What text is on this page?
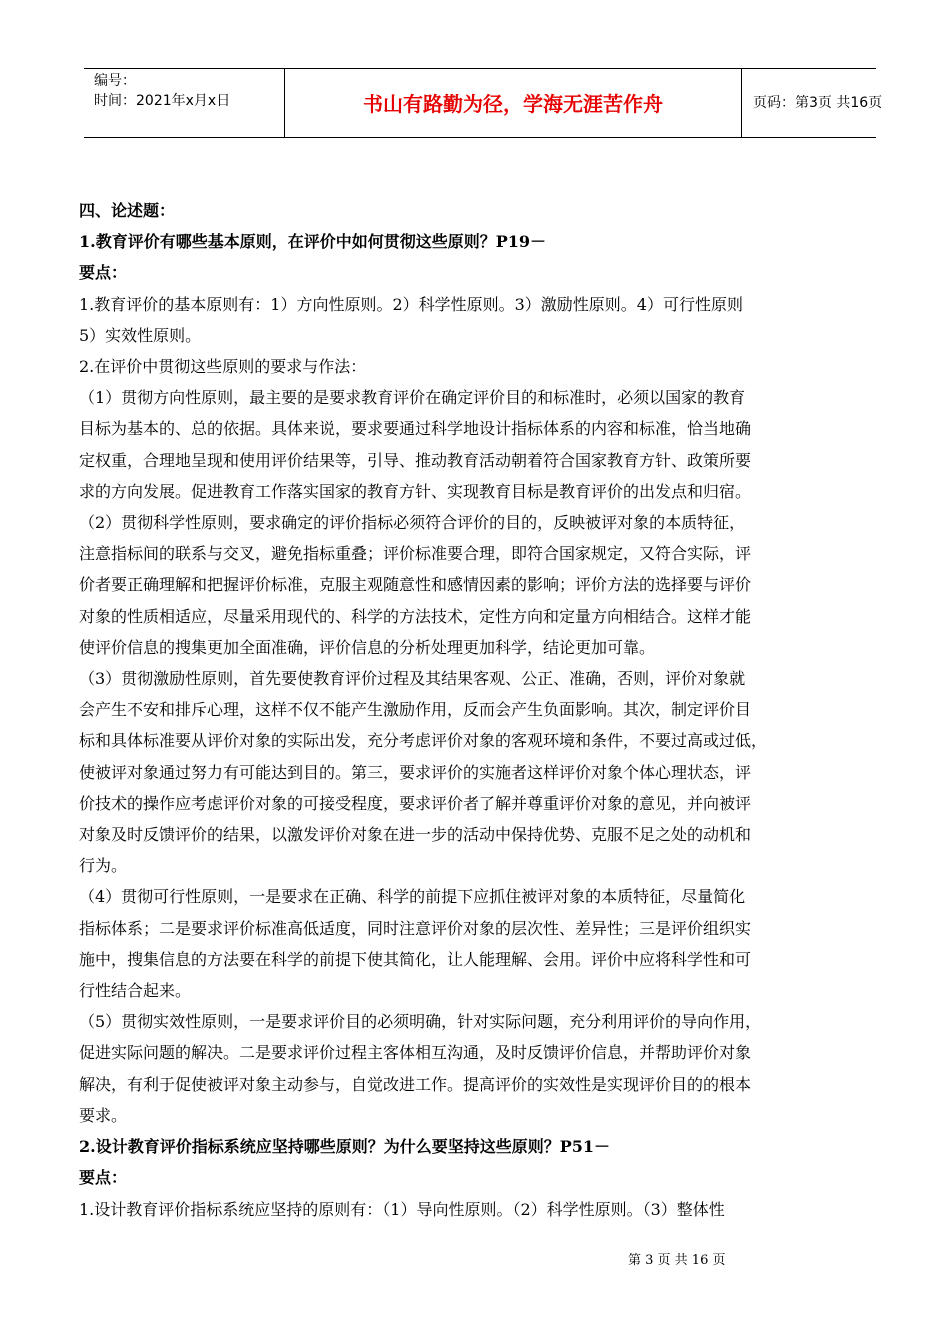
编号：
时间：2021年x月x日	书山有路勤为径，学海无涯苦作舟	页码：第3页 共16页

四、论述题：

1.教育评价有哪些基本原则，在评价中如何贯彻这些原则？P19－

要点：

1.教育评价的基本原则有：1）方向性原则。2）科学性原则。3）激励性原则。4）可行性原则

5）实效性原则。

2.在评价中贯彻这些原则的要求与作法：

（1）贯彻方向性原则，最主要的是要求教育评价在确定评价目的和标准时，必须以国家的教育

目标为基本的、总的依据。具体来说，要求要通过科学地设计指标体系的内容和标准，恰当地确

定权重，合理地呈现和使用评价结果等，引导、推动教育活动朝着符合国家教育方针、政策所要

求的方向发展。促进教育工作落实国家的教育方针、实现教育目标是教育评价的出发点和归宿。

（2）贯彻科学性原则，要求确定的评价指标必须符合评价的目的，反映被评对象的本质特征，

注意指标间的联系与交叉，避免指标重叠；评价标准要合理，即符合国家规定，又符合实际，评

价者要正确理解和把握评价标准，克服主观随意性和感情因素的影响；评价方法的选择要与评价

对象的性质相适应，尽量采用现代的、科学的方法技术，定性方向和定量方向相结合。这样才能

使评价信息的搜集更加全面准确，评价信息的分析处理更加科学，结论更加可靠。

（3）贯彻激励性原则，首先要使教育评价过程及其结果客观、公正、准确，否则，评价对象就

会产生不安和排斥心理，这样不仅不能产生激励作用，反而会产生负面影响。其次，制定评价目

标和具体标准要从评价对象的实际出发，充分考虑评价对象的客观环境和条件，不要过高或过低，

使被评对象通过努力有可能达到目的。第三，要求评价的实施者这样评价对象个体心理状态，评

价技术的操作应考虑评价对象的可接受程度，要求评价者了解并尊重评价对象的意见，并向被评

对象及时反馈评价的结果，以激发评价对象在进一步的活动中保持优势、克服不足之处的动机和

行为。

（4）贯彻可行性原则，一是要求在正确、科学的前提下应抓住被评对象的本质特征，尽量简化

指标体系；二是要求评价标准高低适度，同时注意评价对象的层次性、差异性；三是评价组织实

施中，搜集信息的方法要在科学的前提下使其简化，让人能理解、会用。评价中应将科学性和可

行性结合起来。

（5）贯彻实效性原则，一是要求评价目的必须明确，针对实际问题，充分利用评价的导向作用，

促进实际问题的解决。二是要求评价过程主客体相互沟通，及时反馈评价信息，并帮助评价对象

解决，有利于促使被评对象主动参与，自觉改进工作。提高评价的实效性是实现评价目的的根本

要求。

2.设计教育评价指标系统应坚持哪些原则？为什么要坚持这些原则？P51－

要点：

1.设计教育评价指标系统应坚持的原则有：（1）导向性原则。（2）科学性原则。（3）整体性

第 3 页 共 16 页
